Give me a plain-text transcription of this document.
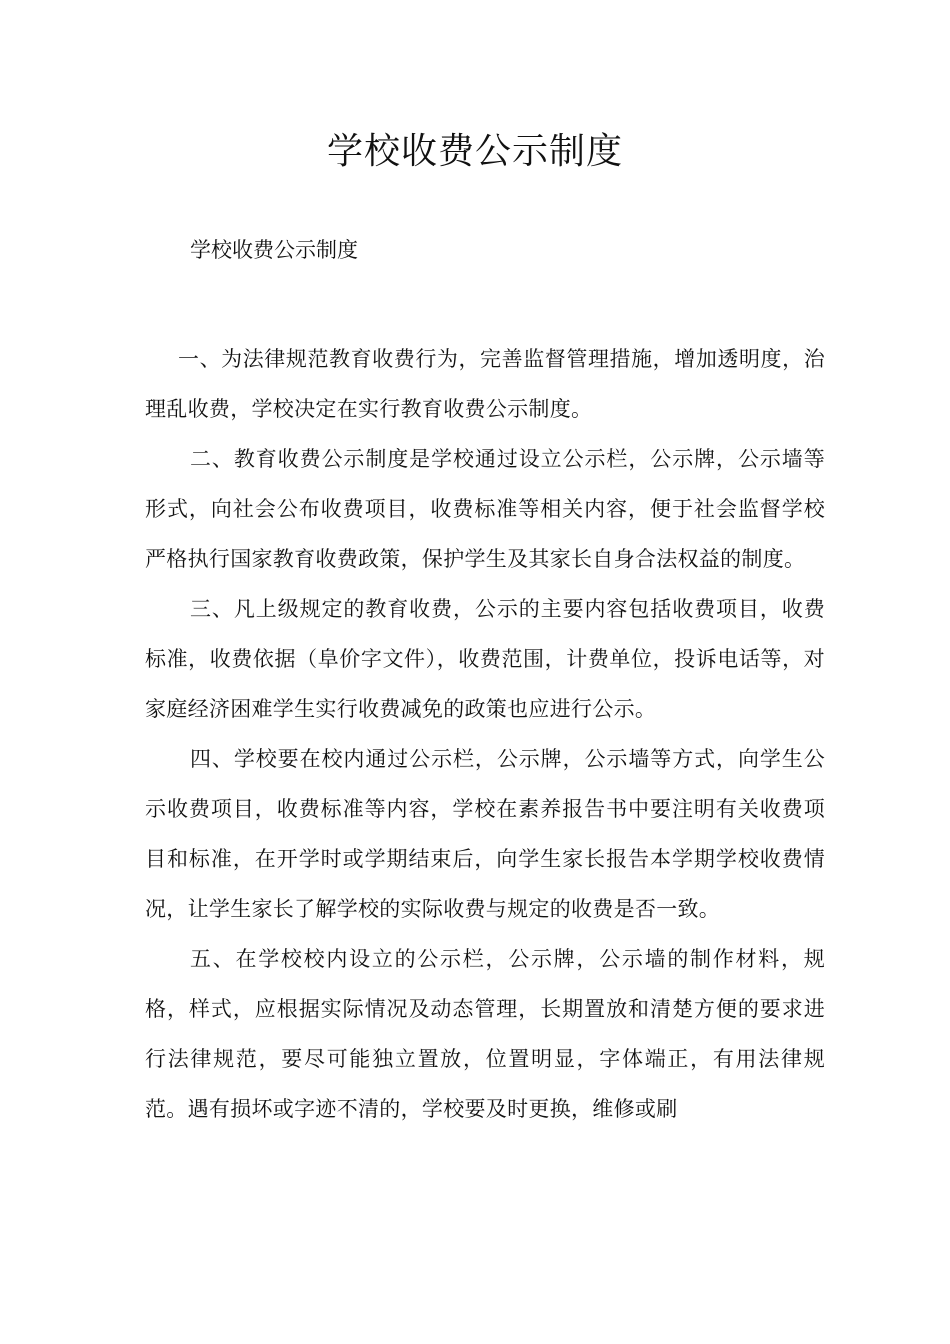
学校收费公示制度

学校收费公示制度

一、为法律规范教育收费行为，完善监督管理措施，增加透明度，治理乱收费，学校决定在实行教育收费公示制度。

二、教育收费公示制度是学校通过设立公示栏，公示牌，公示墙等形式，向社会公布收费项目，收费标准等相关内容，便于社会监督学校严格执行国家教育收费政策，保护学生及其家长自身合法权益的制度。

三、凡上级规定的教育收费，公示的主要内容包括收费项目，收费标准，收费依据（阜价字文件），收费范围，计费单位，投诉电话等，对家庭经济困难学生实行收费减免的政策也应进行公示。

四、学校要在校内通过公示栏，公示牌，公示墙等方式，向学生公示收费项目，收费标准等内容，学校在素养报告书中要注明有关收费项目和标准，在开学时或学期结束后，向学生家长报告本学期学校收费情况，让学生家长了解学校的实际收费与规定的收费是否一致。

五、在学校校内设立的公示栏，公示牌，公示墙的制作材料，规格，样式，应根据实际情况及动态管理，长期置放和清楚方便的要求进行法律规范，要尽可能独立置放，位置明显，字体端正，有用法律规范。遇有损坏或字迹不清的，学校要及时更换，维修或刷
